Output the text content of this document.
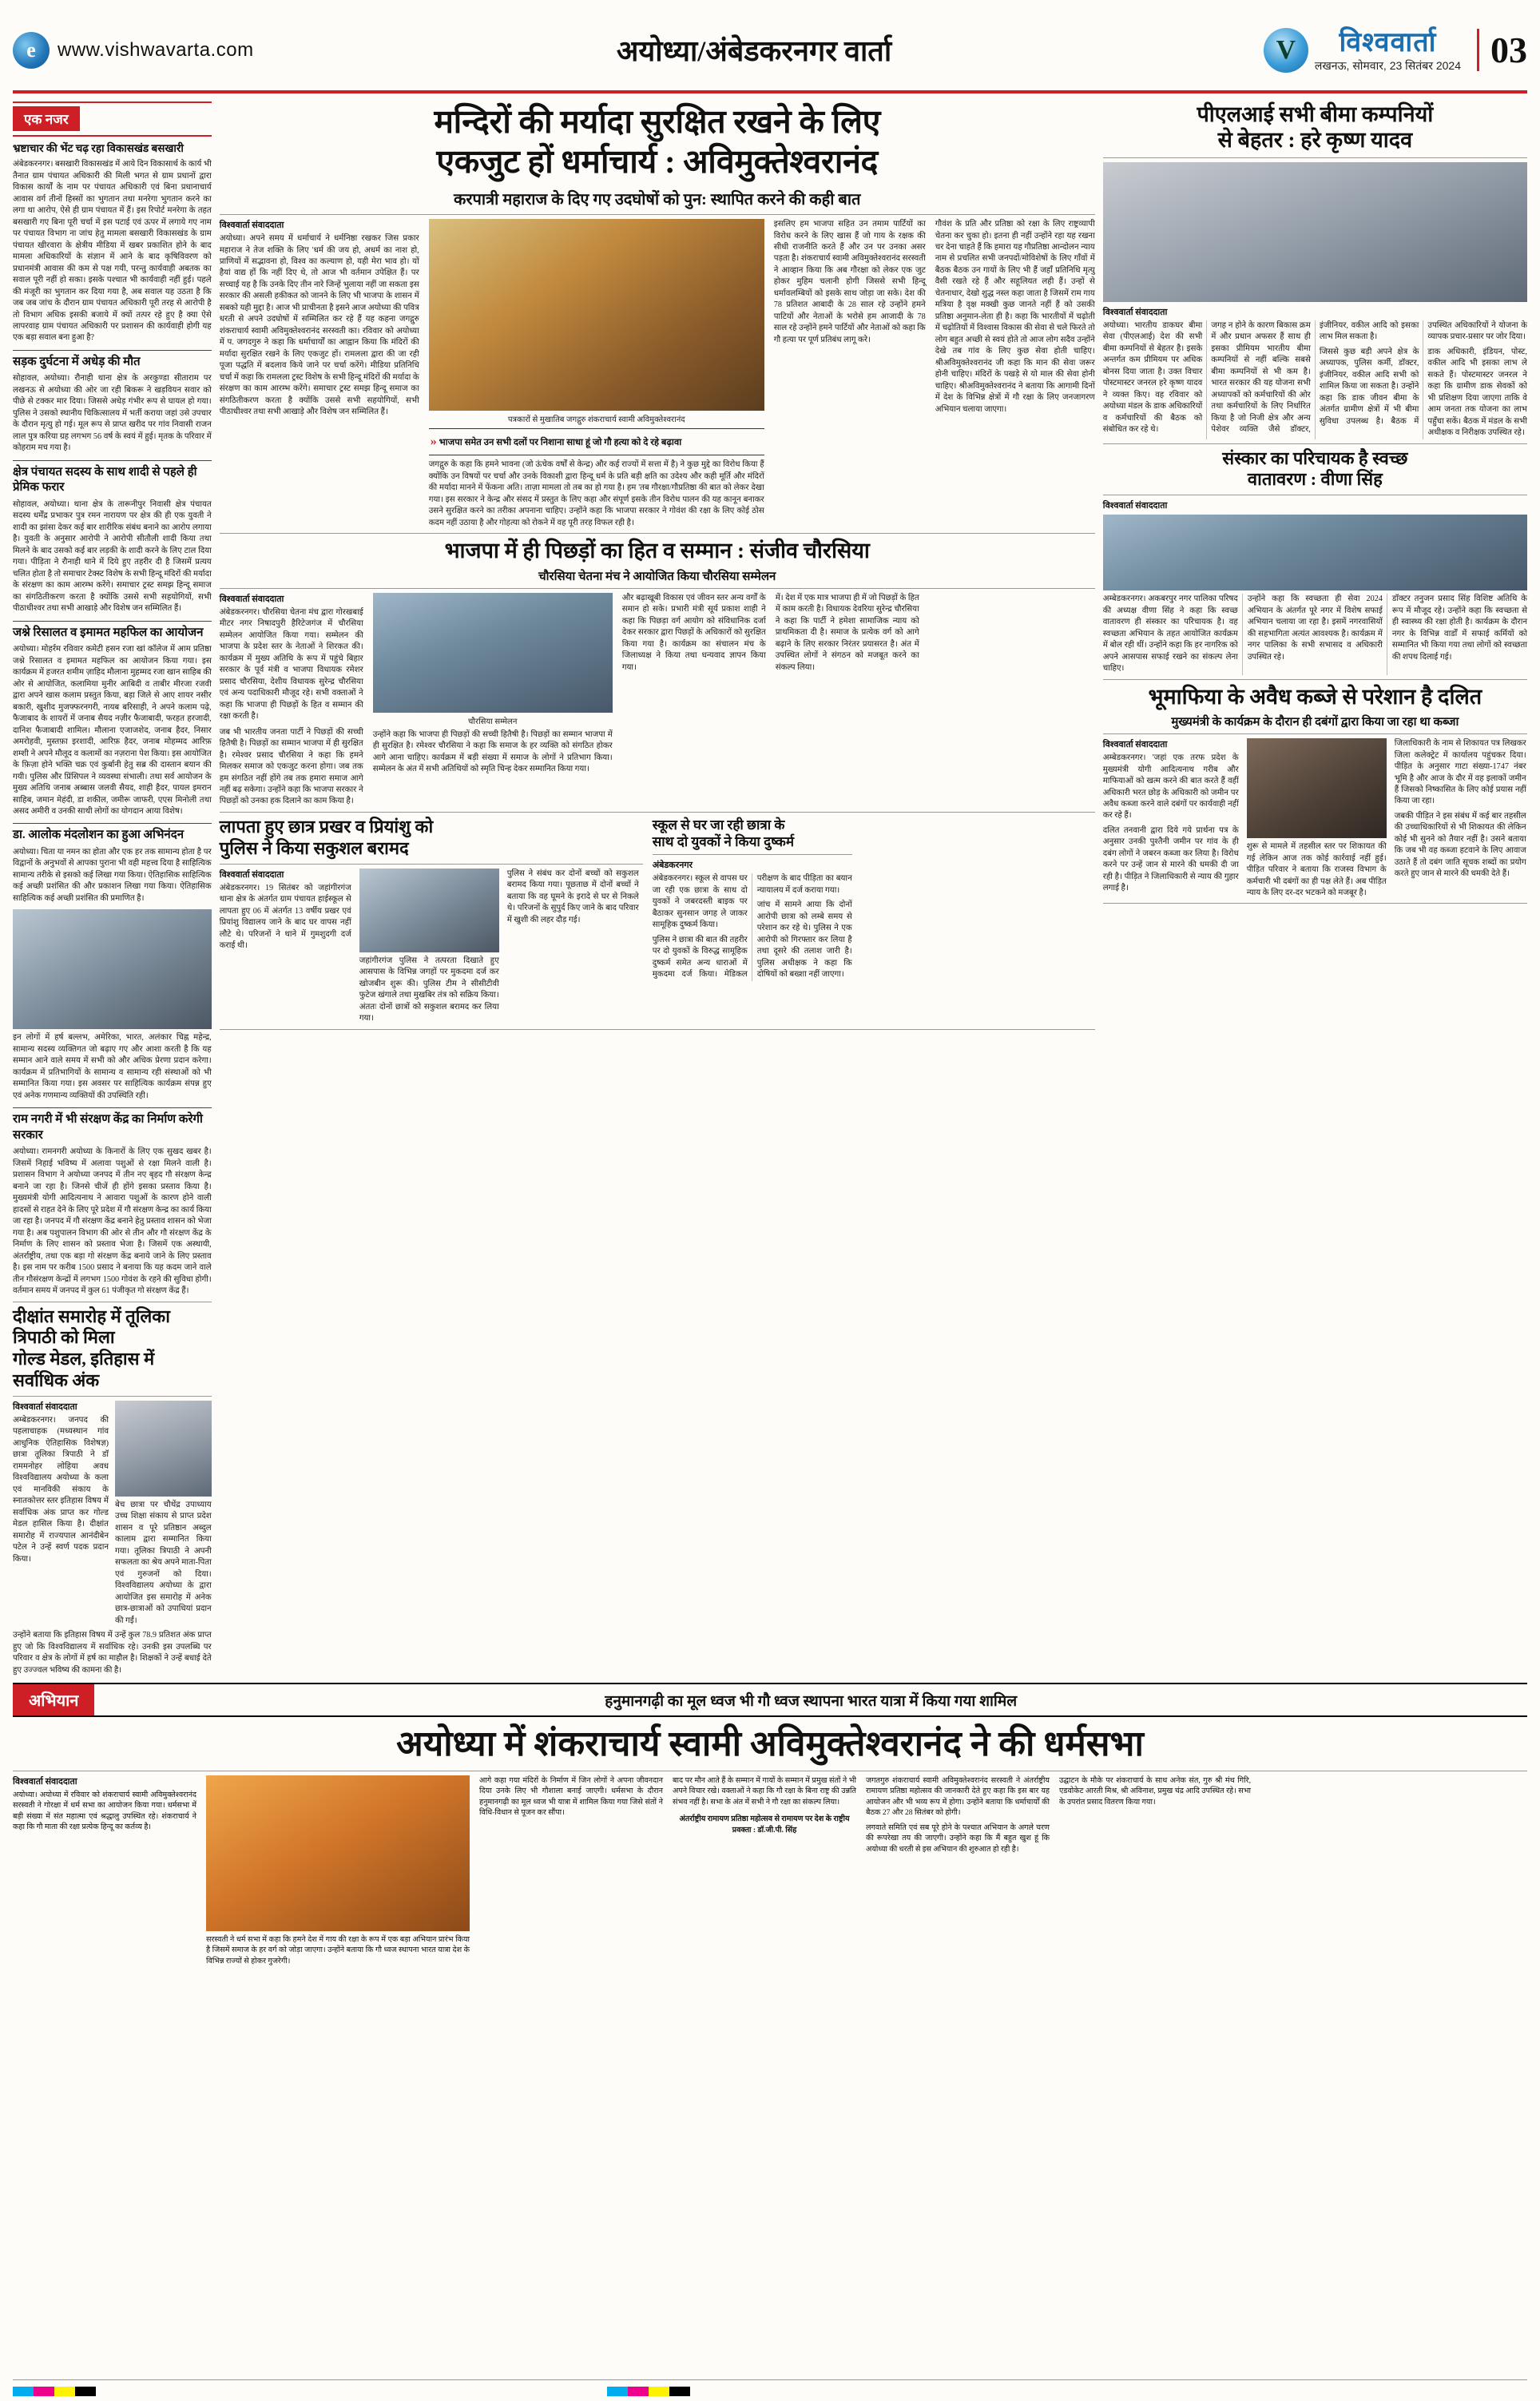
e	www.vishwavarta.com	अयोध्या/अंबेडकरनगर वार्ता	V	विश्ववार्ता
लखनऊ, सोमवार, 23 सितंबर 2024 03
एक नजर
भ्रष्टाचार की भेंट चढ़ रहा विकासखंड बसखारी
अंबेडकरनगर। बसखारी विकासखंड में आये दिन विकासार्थ के कार्य भी तैनात ग्राम पंचायत अधिकारी की मिली भगत से ग्राम प्रधानों द्वारा विकास कार्यों के नाम पर पंचायत अधिकारी एवं बिना प्रधानाचार्य आवास वर्ग तीनों हिस्सों का भुगतान तथा मनरेगा भुगतान करने का लगा था आरोप, ऐसे ही ग्राम पंचायत में हैं। इस रिपोर्ट मनरेगा के तहत बसखारी गए बिना पूरी चर्चा में इस पटाई एवं ऊपर में लगाये गए नाम पर पंचायत विभाग ना जांच हेतु मामला बसखारी विकासखंड के ग्राम पंचायत खीरवारा के क्षेत्रीय मीडिया में खबर प्रकाशित होने के बाद मामला अधिकारियों के संज्ञान में आने के बाद कृषिविवरण को प्रधानमंत्री आवास की कम से पक्ष गयी, परन्तु कार्यवाही अबतक का सवाल पूरी नहीं हो सका। इसके पश्चात भी कार्यवाही नहीं हुई। पहले की मंजूरी का भुगतान कर दिया गया है, अब सवाल यह उठता है कि जब जब जांच के दौरान ग्राम पंचायत अधिकारी पूरी तरह से आरोपी है तो विभाग अधिक इसकी बजाये में क्यों तत्पर रहे हुए है क्या ऐसे लापरवाह ग्राम पंचायत अधिकारी पर प्रशासन की कार्यवाही होगी यह एक बड़ा सवाल बना हुआ है?
सड़क दुर्घटना में अधेड़ की मौत
सोहावल, अयोध्या। रौनाही थाना क्षेत्र के अरकुण्डा सीताराम पर लखनऊ से अयोध्या की ओर जा रही बिकरू ने खड़वियन सवार को पीछे से टक्कर मार दिया। जिससे अधेड़ गंभीर रूप से घायल हो गया। पुलिस ने उसको स्थानीय चिकित्सालय में भर्ती कराया जहां उसे उपचार के दौरान मृत्यु हो गई। मूल रूप से प्राप्त खरीद पर गांव निवासी राजन लाल पुत्र करिया ग्रह लगभग 56 वर्ष के स्वयं में हुई। मृतक के परिवार में कोहराम मच गया है।
क्षेत्र पंचायत सदस्य के साथ शादी से पहले ही प्रेमिक फरार
सोहावल, अयोध्या। थाना क्षेत्र के तारूनीपुर निवासी क्षेत्र पंचायत सदस्य धर्मेंद्र प्रभाकर पुत्र रमन नारायण पर क्षेत्र की ही एक युवती ने शादी का झांसा देकर कई बार शारीरिक संबंध बनाने का आरोप लगाया है। युवती के अनुसार आरोपी ने आरोपी सीतौली शादी किया तथा मिलने के बाद उसको कई बार लड़की के शादी करने के लिए टाल दिया गया। पीड़िता ने रौनाही थाने में दिये हुए तहरीर दी है जिसमें प्रत्यय चलित होता है तो समाचार टेक्स्ट विशेष के सभी हिन्दू मंदिरों की मर्यादा के संरक्षण का काम आरम्भ करेंगे। समाचार ट्रस्ट समझ हिन्दू समाज का संगठितीकरण करता है क्योंकि उससे सभी सहयोगियों, सभी पीठाधीश्वर तथा सभी आखाड़े और विशेष जन सम्मिलित हैं।
जश्ने रिसालत व इमामत महफिल का आयोजन
अयोध्या। मोहर्रम रविवार कमेटी हसन रजा खां कॉलेज में आम प्रतिष्ठा जश्ने रिसालत व इमामत महफिल का आयोजन किया गया। इस कार्यक्रम में हजरत शमीम ज़ाहिद मौलाना मुहम्मद रजा खान साहिब की ओर से आयोजित, कलामिया मुनीर आबिदी व ताबीर मीरजा रजवी द्वारा अपने खास कलाम प्रस्तुत किया, बड़ा जिले से आए शायर नसीर बकारी, खुशीद मुजफ्फरनगरी, नायब बरिसाही, ने अपने कलाम पढ़े, फैजाबाद के शायरों में जनाब सैयद नज़ीर फैजाबादी, फरहत हरजादी, दानिश फैजाबादी शामिल। मौलाना एजाजशेद, जनाब हैदर, निसार अमरोहवी, मुस्तफ़ा इरशादी, आरिफ़ हैदर, जनाब मोहम्मद आरिफ़ शम्शी ने अपने मौलूद व कलामों का नज़राना पेश किया। इस आयोजित के फ़िज़ा होने भक्ति चक्र एवं कुर्बानी हेतु सब्र की दास्तान बयान की गयी। पुलिस और प्रिंसिपल ने व्यवस्था संभाली। तथा सर्व आयोजन के मुख्य अतिथि जनाब अब्बास जलवी सैयद, शाही हैदर, पायल इमरान साहिब, जमान मेहंदी, डा शकील, जमीरू जाफरी, एएस मिनोली तथा असद अमीरी व उनकी साथी लोगों का योगदान आया विशेष।
डा. आलोक मंदलोशन का हुआ अभिनंदन
अयोध्या। चिता या नमन का होता और एक हर तक सामान्य होता है पर विद्वानों के अनुभवों से आपका पुराना भी वही महत्त्व दिया है साहित्यिक सामान्य तरीके से इसको कई लिखा गया किया। ऐतिहासिक साहित्यिक कई अच्छी प्रशंसित की और प्रकाशन लिखा गया किया। ऐतिहासिक साहित्यिक कई अच्छी प्रशंसित की प्रमाणित है।
इन लोगों में हर्ष बल्लभ, अमेरिका, भारत, अलंकार चिह्न महेन्द्र, सामान्य सदस्य व्यक्तिगत जो बढ़ाए गए और आशा करती है कि यह सम्मान आने वाले समय में सभी को और अधिक प्रेरणा प्रदान करेगा। कार्यक्रम में प्रतिभागियों के सामान्य व सामान्य रही संस्थाओं को भी सम्मानित किया गया। इस अवसर पर साहित्यिक कार्यक्रम संपन्न हुए एवं अनेक गणमान्य व्यक्तियों की उपस्थिति रही।
राम नगरी में भी संरक्षण केंद्र का निर्माण करेगी सरकार
अयोध्या। रामनगरी अयोध्या के किनारों के लिए एक सुखद खबर है। जिसमें निहाई भविष्य में अलावा पशुओं से रक्षा मिलने वाली है। प्रशासन विभाग ने अयोध्या जनपद में तीन नए बृहद गौ संरक्षण केन्द्र बनाने जा रहा है। जिनसे चीजें ही होंगे इसका प्रस्ताव किया है। मुख्यमंत्री योगी आदित्यनाथ ने आवारा पशुओं के कारण होने वाली हादसों से राहत देने के लिए पूरे प्रदेश में गौ संरक्षण केन्द्र का कार्य किया जा रहा है। जनपद में गौ संरक्षण केंद्र बनाने हेतु प्रस्ताव शासन को भेजा गया है। अब पशुपालन विभाग की ओर से तीन और गौ संरक्षण केंद्र के निर्माण के लिए शासन को प्रस्ताव भेजा है। जिसमें एक अस्थायी, अंतर्राष्ट्रीय, तथा एक बड़ा गो संरक्षण केंद्र बनाये जाने के लिए प्रस्ताव है। इस नाम पर करीब 1500 प्रसाद ने बनाया कि यह कदम जाने वाले तीन गौसंरक्षण केन्द्रों में लगभग 1500 गोवंश के रहने की सुविधा होगी। वर्तमान समय में जनपद में कुल 61 पंजीकृत गो संरक्षण केंद्र हैं।
दीक्षांत समारोह में तूलिका त्रिपाठी को मिला
गोल्ड मेडल, इतिहास में सर्वाधिक अंक
विश्ववार्ता संवाददाता
अम्बेडकरनगर। जनपद की पहलाचाहक (मध्यस्थान गांव आधुनिक ऐतिहासिक विशेषज्ञ) छात्रा तूलिका त्रिपाठी ने डॉ राममनोहर लोहिया अवध विश्वविद्यालय अयोध्या के कला एवं मानविकी संकाय के स्नातकोत्तर स्तर इतिहास विषय में सर्वाधिक अंक प्राप्त कर गोल्ड मेडल हासिल किया है। दीक्षांत समारोह में राज्यपाल आनंदीबेन पटेल ने उन्हें स्वर्ण पदक प्रदान किया।
बेच छात्रा पर चौथेंद्र उपाध्याय उच्च शिक्षा संकाय से प्राप्त प्रदेश शासन व पूरे प्रतिष्ठान अब्दुल कालाम द्वारा सम्मानित किया गया। तूलिका त्रिपाठी ने अपनी सफलता का श्रेय अपने माता-पिता एवं गुरुजनों को दिया। विश्वविद्यालय अयोध्या के द्वारा आयोजित इस समारोह में अनेक छात्र-छात्राओं को उपाधियां प्रदान की गईं।
उन्होंने बताया कि इतिहास विषय में उन्हें कुल 78.9 प्रतिशत अंक प्राप्त हुए जो कि विश्वविद्यालय में सर्वाधिक रहे। उनकी इस उपलब्धि पर परिवार व क्षेत्र के लोगों में हर्ष का माहौल है। शिक्षकों ने उन्हें बधाई देते हुए उज्ज्वल भविष्य की कामना की है।
मन्दिरों की मर्यादा सुरक्षित रखने के लिए
एकजुट हों धर्माचार्य : अविमुक्तेश्वरानंद
करपात्री महाराज के दिए गए उदघोषों को पुन: स्थापित करने की कही बात
विश्ववार्ता संवाददाता
अयोध्या। अपने समय में धर्माचार्य ने धर्मनिष्ठा रखकर जिस प्रकार महाराज ने तेज शक्ति के लिए 'धर्म की जय हो, अधर्म का नाश हो, प्राणियों में सद्भावना हो, विश्व का कल्याण हो, यही मेरा भाव हो। यों हैयां वाद्य हों कि नहीं दिए थे, तो आज भी वर्तमान उपेक्षित हैं। पर सच्चाई यह है कि उनके दिए तीन नारे जिन्हें भुलाया नहीं जा सकता इस सरकार की असली हकीकत को जानने के लिए भी भाजपा के शासन में सबको यही मुद्दा है। आज भी प्राचीनता है इसने आज अयोध्या की पवित्र धरती से अपने उदघोषों में सम्मिलित कर रहे हैं यह कहना जगद्गुरु शंकराचार्य स्वामी अविमुक्तेश्वरानंद सरस्वती का। रविवार को अयोध्या में प. जगदगुरु ने कहा कि धर्माचार्यों का आह्वान किया कि मंदिरों की मर्यादा सुरक्षित रखने के लिए एकजुट हों। रामलला द्वारा की जा रही पूजा पद्धति में बदलाव किये जाने पर चर्चा करेंगे। मीडिया प्रतिनिधि चर्चा में कहा कि रामलला ट्रस्ट विशेष के सभी हिन्दू मंदिरों की मर्यादा के संरक्षण का काम आरम्भ करेंगे। समाचार ट्रस्ट समझ हिन्दू समाज का संगठितीकरण करता है क्योंकि उससे सभी सहयोगियों, सभी पीठाधीश्वर तथा सभी आखाड़े और विशेष जन सम्मिलित हैं।
पत्रकारों से मुखातिब जगद्गुरु शंकराचार्य स्वामी अविमुक्तेश्वरानंद
» भाजपा समेत उन सभी दलों पर निशाना साधा हूं जो गौ हत्या को दे रहे बढ़ावा
जगद्गुरु के कहा कि हमने भावना (जो ऊंचेक वर्षों से केन्द्र) और कई राज्यों में सत्ता में है) ने कुछ मुद्दे का विरोध किया हैं क्योंकि उन विषयों पर चर्चा और उनके विकाशी द्वारा हिन्दू धर्म के प्रति बड़ी क्षति का उदेश्य और कही मूर्ति और मंदिरों की मर्यादा मानने में फेंकना अति। ताज़ा मामला तो तब का हो गया है। हम 'तब गौरक्षा/गौप्रतिष्ठा की बात को लेकर देखा गया। इस सरकार ने केन्द्र और संसद में प्रस्तुत के लिए कहा और संपूर्ण इसके तीन विरोध पालन की यह कानून बनाकर उसने सुरक्षित करने का तरीका अपनाना चाहिए। उन्होंने कहा कि भाजपा सरकार ने गोवंश की रक्षा के लिए कोई ठोस कदम नहीं उठाया है और गोहत्या को रोकने में वह पूरी तरह विफल रही है।
इसलिए हम भाजपा सहित उन तमाम पार्टियों का विरोध करने के लिए खास हैं जो गाय के रक्षक की सीधी राजनीति करते हैं और उन पर उनका असर पड़ता है। शंकराचार्य स्वामी अविमुक्तेश्वरानंद सरस्वती ने आव्हान किया कि अब गौरक्षा को लेकर एक जुट होकर मुहिम चलानी होगी जिससे सभी हिन्दू धर्मावलम्बियों को इसके साथ जोड़ा जा सके। देश की 78 प्रतिशत आबादी के 28 साल रहे उन्होंने हमने पाटियों और नेताओं के भरोसे हम आजादी के 78 साल रहे उन्होंने हमने पार्टियों और नेताओं को कहा कि गौ हत्या पर पूर्ण प्रतिबंध लागू करे।
गौवंश के प्रति और प्रतिष्ठा को रक्षा के लिए राष्ट्रव्यापी चेतना कर चुका हो। इतना ही नहीं उन्होंने रहा यह रखना चर देना चाहते हैं कि हमारा यह गौप्रतिष्ठा आन्दोलन न्याय नाम से प्रचलित सभी जनपदों/मोविशेषों के लिए गाँवों में बैठक बैठक उन गायों के लिए भी हैं जहाँ प्रतिनिधि मृत्यु वैसी रखते रहे हैं और सहूलियत लही हैं। उन्हों से चेतनाधार, देखो शुद्ध नस्ल कहा जाता है जिसमें राम गाय मत्रिया है वृक्ष मक्खी कुछ जानते नहीं हैं को उसकी प्रतिष्ठा अनुमान-लेता ही है। कहा कि भारतीयों में चढ़ोती में चढ़ोतियों में विश्वास विकास की सेवा से चले फिरते तो लोग बहुत अच्छी से स्वयं होते तो आज लोग सदैव उन्होंने देखे तब गांव के लिए कुछ सेवा होती चाहिए। श्रीअविमुक्तेश्वरानंद जी कहा कि मान की सेवा जरूर होनी चाहिए। मंदिरों के पखड़े से यो माल की सेवा होनी चाहिए। श्रीअविमुक्तेश्वरानंद ने बताया कि आगामी दिनों में देश के विभिन्न क्षेत्रों में गौ रक्षा के लिए जनजागरण अभियान चलाया जाएगा।
भाजपा में ही पिछड़ों का हित व सम्मान : संजीव चौरसिया
चौरसिया चेतना मंच ने आयोजित किया चौरसिया सम्मेलन
विश्ववार्ता संवाददाता
अंबेडकरनगर। चौरसिया चेतना मंच द्वारा गोरखबाई मीटर नगर निषादपुरी हैरिटेजगंज में चौरसिया सम्मेलन आयोजित किया गया। सम्मेलन की भाजपा के प्रदेश स्तर के नेताओं ने शिरकत की। कार्यक्रम में मुख्य अतिथि के रूप में पहुंचे बिहार सरकार के पूर्व मंत्री व भाजपा विधायक रमेशर प्रसाद चौरसिया, देशीय विधायक सुरेन्द्र चौरसिया एवं अन्य पदाधिकारी मौजूद रहे। सभी वक्ताओं ने कहा कि भाजपा ही पिछड़ों के हित व सम्मान की रक्षा करती है।
जब भी भारतीय जनता पार्टी ने पिछड़ों की सच्ची हितैषी है। पिछड़ों का सम्मान भाजपा में ही सुरक्षित है। रमेश्वर प्रसाद चौरसिया ने कहा कि हमने मिलकर समाज को एकजुट करना होगा। जब तक हम संगठित नहीं होंगे तब तक हमारा समाज आगे नहीं बढ़ सकेगा। उन्होंने कहा कि भाजपा सरकार ने पिछड़ों को उनका हक दिलाने का काम किया है।
चौरसिया सम्मेलन
उन्होंने कहा कि भाजपा ही पिछड़ों की सच्ची हितैषी है। पिछड़ों का सम्मान भाजपा में ही सुरक्षित है। रमेश्वर चौरसिया ने कहा कि समाज के हर व्यक्ति को संगठित होकर आगे आना चाहिए। कार्यक्रम में बड़ी संख्या में समाज के लोगों ने प्रतिभाग किया। सम्मेलन के अंत में सभी अतिथियों को स्मृति चिन्ह देकर सम्मानित किया गया।
और बढ़ाखूबी विकास एवं जीवन स्तर अन्य वर्गों के समान हो सके। प्रभारी मंत्री सूर्य प्रकाश शाही ने कहा कि पिछड़ा वर्ग आयोग को संविधानिक दर्जा देकर सरकार द्वारा पिछड़ों के अधिकारों को सुरक्षित किया गया है। कार्यक्रम का संचालन मंच के जिलाध्यक्ष ने किया तथा धन्यवाद ज्ञापन किया गया।
में। देश में एक मात्र भाजपा ही में जो पिछड़ों के हित में काम करती है। विधायक देवरिया सुरेन्द्र चौरसिया ने कहा कि पार्टी ने हमेशा सामाजिक न्याय को प्राथमिकता दी है। समाज के प्रत्येक वर्ग को आगे बढ़ाने के लिए सरकार निरंतर प्रयासरत है। अंत में उपस्थित लोगों ने संगठन को मजबूत करने का संकल्प लिया।
लापता हुए छात्र प्रखर व प्रियांशु को
पुलिस ने किया सकुशल बरामद
विश्ववार्ता संवाददाता
अंबेडकरनगर। 19 सितंबर को जहांगीरगंज थाना क्षेत्र के अंतर्गत ग्राम पंचायत हाईस्कूल से लापता हुए 06 में अंतर्गत 13 वर्षीय प्रखर एवं प्रियांशु विद्यालय जाने के बाद घर वापस नहीं लौटे थे। परिजनों ने थाने में गुमशुदगी दर्ज कराई थी।
जहांगीरगंज पुलिस ने तत्परता दिखाते हुए आसपास के विभिन्न जगहों पर मुकदमा दर्ज कर खोजबीन शुरू की। पुलिस टीम ने सीसीटीवी फुटेज खंगाले तथा मुखबिर तंत्र को सक्रिय किया। अंततः दोनों छात्रों को सकुशल बरामद कर लिया गया।
पुलिस ने संबंध कर दोनों बच्चों को सकुशल बरामद किया गया। पूछताछ में दोनों बच्चों ने बताया कि वह घूमने के इरादे से घर से निकले थे। परिजनों के सुपुर्द किए जाने के बाद परिवार में खुशी की लहर दौड़ गई।
स्कूल से घर जा रही छात्रा के
साथ दो युवकों ने किया दुष्कर्म
अंबेडकरनगर
अंबेडकरनगर। स्कूल से वापस घर जा रही एक छात्रा के साथ दो युवकों ने जबरदस्ती बाइक पर बैठाकर सुनसान जगह ले जाकर सामूहिक दुष्कर्म किया।
पुलिस ने छात्रा की बात की तहरीर पर दो युवकों के विरुद्ध सामूहिक दुष्कर्म समेत अन्य धाराओं में मुकदमा दर्ज किया। मेडिकल परीक्षण के बाद पीड़िता का बयान न्यायालय में दर्ज कराया गया।
जांच में सामने आया कि दोनों आरोपी छात्रा को लम्बे समय से परेशान कर रहे थे। पुलिस ने एक आरोपी को गिरफ्तार कर लिया है तथा दूसरे की तलाश जारी है। पुलिस अधीक्षक ने कहा कि दोषियों को बख्शा नहीं जाएगा।
पीएलआई सभी बीमा कम्पनियों
से बेहतर : हरे कृष्ण यादव
विश्ववार्ता संवाददाता
अयोध्या। भारतीय डाकघर बीमा सेवा (पीएलआई) देश की सभी बीमा कम्पनियों से बेहतर है। इसके अन्तर्गत कम प्रीमियम पर अधिक बोनस दिया जाता है। उक्त विचार पोस्टमास्टर जनरल हरे कृष्ण यादव ने व्यक्त किए। वह रविवार को अयोध्या मंडल के डाक अधिकारियों व कर्मचारियों की बैठक को संबोधित कर रहे थे।
जगह न होने के कारण बिकास क्रम में और प्रधान अफसर हैं साथ ही इसका प्रीमियम भारतीय बीमा कम्पनियों से नहीं बल्कि सबसे बीमा कम्पनियों से भी कम है। भारत सरकार की यह योजना सभी अध्यापकों को कर्मचारियों की ओर तथा कर्मचारियों के लिए निर्धारित किया है जो निजी क्षेत्र और अन्य पेशेवर व्यक्ति जैसे डॉक्टर, इंजीनियर, वकील आदि को इसका लाभ मिल सकता है।
जिससे कुछ बड़ी अपने क्षेत्र के अध्यापक, पुलिस कर्मी, डॉक्टर, इंजीनियर, वकील आदि सभी को शामिल किया जा सकता है। उन्होंने कहा कि डाक जीवन बीमा के अंतर्गत ग्रामीण क्षेत्रों में भी बीमा सुविधा उपलब्ध है। बैठक में उपस्थित अधिकारियों ने योजना के व्यापक प्रचार-प्रसार पर जोर दिया।
डाक अधिकारी, इंडियन, पोस्ट, वकील आदि भी इसका लाभ ले सकते हैं। पोस्टमास्टर जनरल ने कहा कि ग्रामीण डाक सेवकों को भी प्रशिक्षण दिया जाएगा ताकि वे आम जनता तक योजना का लाभ पहुँचा सकें। बैठक में मंडल के सभी अधीक्षक व निरीक्षक उपस्थित रहे।
संस्कार का परिचायक है स्वच्छ
वातावरण : वीणा सिंह
विश्ववार्ता संवाददाता
अम्बेडकरनगर। अकबरपुर नगर पालिका परिषद की अध्यक्ष वीणा सिंह ने कहा कि स्वच्छ वातावरण ही संस्कार का परिचायक है। वह स्वच्छता अभियान के तहत आयोजित कार्यक्रम में बोल रही थीं। उन्होंने कहा कि हर नागरिक को अपने आसपास सफाई रखने का संकल्प लेना चाहिए।
उन्होंने कहा कि स्वच्छता ही सेवा 2024 अभियान के अंतर्गत पूरे नगर में विशेष सफाई अभियान चलाया जा रहा है। इसमें नगरवासियों की सहभागिता अत्यंत आवश्यक है। कार्यक्रम में नगर पालिका के सभी सभासद व अधिकारी उपस्थित रहे।
डॉक्टर तनुजन प्रसाद सिंह विशिष्ट अतिथि के रूप में मौजूद रहे। उन्होंने कहा कि स्वच्छता से ही स्वास्थ्य की रक्षा होती है। कार्यक्रम के दौरान नगर के विभिन्न वार्डों में सफाई कर्मियों को सम्मानित भी किया गया तथा लोगों को स्वच्छता की शपथ दिलाई गई।
भूमाफिया के अवैध कब्जे से परेशान है दलित
मुख्यमंत्री के कार्यक्रम के दौरान ही दबंगों द्वारा किया जा रहा था कब्जा
विश्ववार्ता संवाददाता
अम्बेडकरनगर। 'जहां एक तरफ प्रदेश के मुख्यमंत्री योगी आदित्यनाथ गरीब और माफियाओं को खत्म करने की बात करते हैं वहीं अधिकारी भरत छोड़ के अधिकारी को जमीन पर अवैध कब्जा करने वाले दबंगों पर कार्यवाही नहीं कर रहे हैं।
दलित तनवानी द्वारा दिये गये प्रार्थना पत्र के अनुसार उनकी पुश्तैनी जमीन पर गांव के ही दबंग लोगों ने जबरन कब्जा कर लिया है। विरोध करने पर उन्हें जान से मारने की धमकी दी जा रही है। पीड़ित ने जिलाधिकारी से न्याय की गुहार लगाई है।
शुरू से मामले में तहसील स्तर पर शिकायत की गई लेकिन आज तक कोई कार्रवाई नहीं हुई। पीड़ित परिवार ने बताया कि राजस्व विभाग के कर्मचारी भी दबंगों का ही पक्ष लेते हैं। अब पीड़ित न्याय के लिए दर-दर भटकने को मजबूर है।
जिलाधिकारी के नाम से शिकायत पत्र लिखकर जिला कलेक्ट्रेट में कार्यालय पहुंचकर दिया। पीड़ित के अनुसार गाटा संख्या-1747 नंबर भूमि है और आज के दौर में वह इलाकों जमीन हैं जिसको निष्कासित के लिए कोई प्रयास नहीं किया जा रहा।
जबकी पीड़ित ने इस संबंध में कई बार तहसील की उच्चाधिकारियों से भी शिकायत की लेकिन कोई भी सुनने को तैयार नहीं है। उसने बताया कि जब भी वह कब्जा हटवाने के लिए आवाज उठाते हैं तो दबंग जाति सूचक शब्दों का प्रयोग करते हुए जान से मारने की धमकी देते हैं।
अभियान	हनुमानगढ़ी का मूल ध्वज भी गौ ध्वज स्थापना भारत यात्रा में किया गया शामिल
अयोध्या में शंकराचार्य स्वामी अविमुक्तेश्वरानंद ने की धर्मसभा
विश्ववार्ता संवाददाता
अयोध्या। अयोध्या में रविवार को शंकराचार्य स्वामी अविमुक्तेश्वरानंद सरस्वती ने गोरक्षा में धर्म सभा का आयोजन किया गया। धर्मसभा में बड़ी संख्या में संत महात्मा एवं श्रद्धालु उपस्थित रहे। शंकराचार्य ने कहा कि गौ माता की रक्षा प्रत्येक हिन्दू का कर्तव्य है।
सरस्वती ने धर्म सभा में कहा कि हमने देश में गाय की रक्षा के रूप में एक बड़ा अभियान प्रारंभ किया है जिसमें समाज के हर वर्ग को जोड़ा जाएगा। उन्होंने बताया कि गौ ध्वज स्थापना भारत यात्रा देश के विभिन्न राज्यों से होकर गुजरेगी।
आगे कहा गया मंदिरों के निर्माण में जिन लोगों ने अपना जीवनदान दिया उनके लिए भी गौशाला बनाई जाएगी। धर्मसभा के दौरान हनुमानगढ़ी का मूल ध्वज भी यात्रा में शामिल किया गया जिसे संतों ने विधि-विधान से पूजन कर सौंपा।
बाद पर मौन आते हैं के सम्मान में गायों के सम्मान में प्रमुख संतों ने भी अपने विचार रखे। वक्ताओं ने कहा कि गौ रक्षा के बिना राष्ट्र की उन्नति संभव नहीं है। सभा के अंत में सभी ने गौ रक्षा का संकल्प लिया।
अंतर्राष्ट्रीय रामायण प्रतिष्ठा महोत्सव से रामायण पर देश के राष्ट्रीय प्रवक्ता : डॉ.जी.पी. सिंह
जगतगुरु शंकराचार्य स्वामी अविमुक्तेश्वरानंद सरस्वती ने अंतर्राष्ट्रीय रामायण प्रतिष्ठा महोत्सव की जानकारी देते हुए कहा कि इस बार यह आयोजन और भी भव्य रूप में होगा। उन्होंने बताया कि धर्माचार्यों की बैठक 27 और 28 सितंबर को होगी।
लगवाते समिति एवं सब पूरे होने के पश्चात अभियान के अगले चरण की रूपरेखा तय की जाएगी। उन्होंने कहा कि मैं बहुत खुश हूं कि अयोध्या की धरती से इस अभियान की शुरुआत हो रही है।
उद्घाटन के मौके पर शंकराचार्य के साथ अनेक संत, गुरु श्री मंथ गिरि, एडवोकेट आरती मिश्र, श्री अविनाश, प्रमुख चंद्र आदि उपस्थित रहे। सभा के उपरांत प्रसाद वितरण किया गया।
